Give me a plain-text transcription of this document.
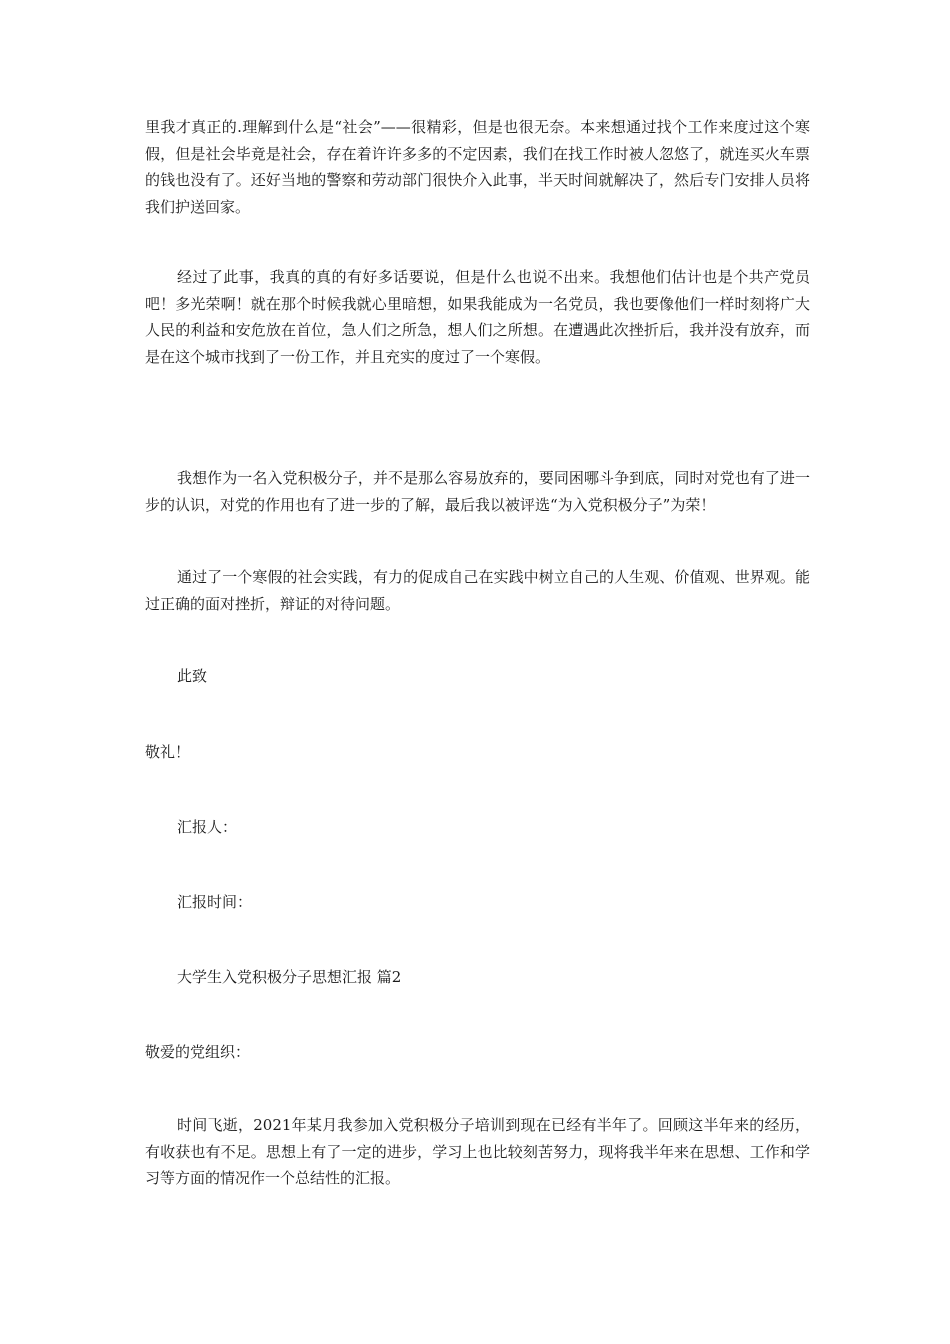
里我才真正的.理解到什么是“社会”——很精彩，但是也很无奈。本来想通过找个工作来度过这个寒假，但是社会毕竟是社会，存在着许许多多的不定因素，我们在找工作时被人忽悠了，就连买火车票的钱也没有了。还好当地的警察和劳动部门很快介入此事，半天时间就解决了，然后专门安排人员将我们护送回家。

经过了此事，我真的真的有好多话要说，但是什么也说不出来。我想他们估计也是个共产党员吧！多光荣啊！就在那个时候我就心里暗想，如果我能成为一名党员，我也要像他们一样时刻将广大人民的利益和安危放在首位，急人们之所急，想人们之所想。在遭遇此次挫折后，我并没有放弃，而是在这个城市找到了一份工作，并且充实的度过了一个寒假。

我想作为一名入党积极分子，并不是那么容易放弃的，要同困哪斗争到底，同时对党也有了进一步的认识，对党的作用也有了进一步的了解，最后我以被评选“为入党积极分子”为荣！

通过了一个寒假的社会实践，有力的促成自己在实践中树立自己的人生观、价值观、世界观。能过正确的面对挫折，辩证的对待问题。

此致

敬礼！

汇报人：

汇报时间：

大学生入党积极分子思想汇报 篇2

敬爱的党组织：

时间飞逝，2021年某月我参加入党积极分子培训到现在已经有半年了。回顾这半年来的经历，有收获也有不足。思想上有了一定的进步，学习上也比较刻苦努力，现将我半年来在思想、工作和学习等方面的情况作一个总结性的汇报。
